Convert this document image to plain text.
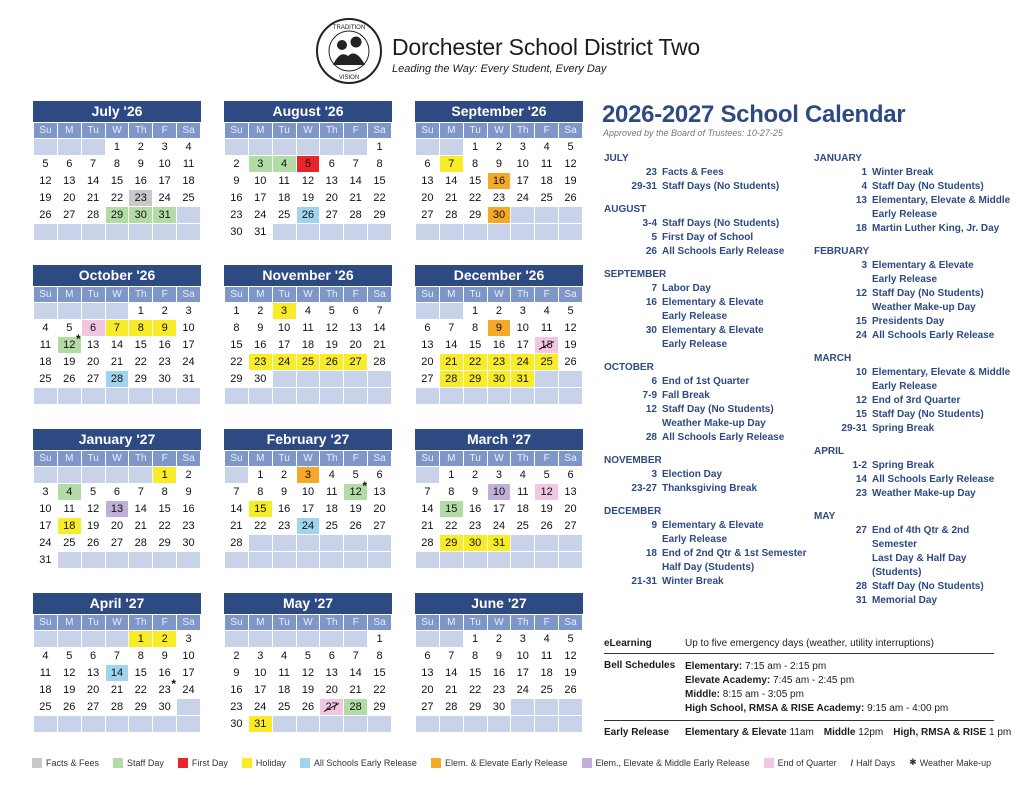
TRADITION
VISION
Dorchester School District Two
Leading the Way: Every Student, Every Day
July '26
Su	M	Tu	W	Th	F	Sa
			1	2	3	4
5	6	7	8	9	10	11
12	13	14	15	16	17	18
19	20	21	22	23	24	25
26	27	28	29	30	31	

August '26
Su	M	Tu	W	Th	F	Sa
						1
2	3	4	5	6	7	8
9	10	11	12	13	14	15
16	17	18	19	20	21	22
23	24	25	26	27	28	29
30	31					
September '26
Su	M	Tu	W	Th	F	Sa
		1	2	3	4	5
6	7	8	9	10	11	12
13	14	15	16	17	18	19
20	21	22	23	24	25	26
27	28	29	30			

October '26
Su	M	Tu	W	Th	F	Sa
				1	2	3
4	5	6	7	8	9	10
11	* 12	13	14	15	16	17
18	19	20	21	22	23	24
25	26	27	28	29	30	31

November '26
Su	M	Tu	W	Th	F	Sa
1	2	3	4	5	6	7
8	9	10	11	12	13	14
15	16	17	18	19	20	21
22	23	24	25	26	27	28
29	30					

December '26
Su	M	Tu	W	Th	F	Sa
		1	2	3	4	5
6	7	8	9	10	11	12
13	14	15	16	17	18	19
20	21	22	23	24	25	26
27	28	29	30	31		

January '27
Su	M	Tu	W	Th	F	Sa
					1	2
3	4	5	6	7	8	9
10	11	12	13	14	15	16
17	18	19	20	21	22	23
24	25	26	27	28	29	30
31						
February '27
Su	M	Tu	W	Th	F	Sa
	1	2	3	4	5	6
7	8	9	10	11	* 12	13
14	15	16	17	18	19	20
21	22	23	24	25	26	27
28						

March '27
Su	M	Tu	W	Th	F	Sa
	1	2	3	4	5	6
7	8	9	10	11	12	13
14	15	16	17	18	19	20
21	22	23	24	25	26	27
28	29	30	31			

April '27
Su	M	Tu	W	Th	F	Sa
				1	2	3
4	5	6	7	8	9	10
11	12	13	14	15	16	17
18	19	20	21	22	* 23	24
25	26	27	28	29	30	

May '27
Su	M	Tu	W	Th	F	Sa
						1
2	3	4	5	6	7	8
9	10	11	12	13	14	15
16	17	18	19	20	21	22
23	24	25	26	27	28	29
30	31					
June '27
Su	M	Tu	W	Th	F	Sa
		1	2	3	4	5
6	7	8	9	10	11	12
13	14	15	16	17	18	19
20	21	22	23	24	25	26
27	28	29	30			

2026-2027 School Calendar
Approved by the Board of Trustees: 10-27-25
JULY
23 Facts & Fees
29-31 Staff Days (No Students)
AUGUST
3-4 Staff Days (No Students)
5 First Day of School
26 All Schools Early Release
SEPTEMBER
7 Labor Day
16 Elementary & Elevate
Early Release
30 Elementary & Elevate
Early Release
OCTOBER
6 End of 1st Quarter
7-9 Fall Break
12 Staff Day (No Students)
Weather Make-up Day
28 All Schools Early Release
NOVEMBER
3 Election Day
23-27 Thanksgiving Break
DECEMBER
9 Elementary & Elevate
Early Release
18 End of 2nd Qtr & 1st Semester
Half Day (Students)
21-31 Winter Break
JANUARY
1 Winter Break
4 Staff Day (No Students)
13 Elementary, Elevate & Middle
Early Release
18 Martin Luther King, Jr. Day
FEBRUARY
3 Elementary & Elevate
Early Release
12 Staff Day (No Students)
Weather Make-up Day
15 Presidents Day
24 All Schools Early Release
MARCH
10 Elementary, Elevate & Middle
Early Release
12 End of 3rd Quarter
15 Staff Day (No Students)
29-31 Spring Break
APRIL
1-2 Spring Break
14 All Schools Early Release
23 Weather Make-up Day
MAY
27 End of 4th Qtr & 2nd Semester
Last Day & Half Day (Students)
28 Staff Day (No Students)
31 Memorial Day
eLearning	Up to five emergency days (weather, utility interruptions)
Bell Schedules Elementary: 7:15 am - 2:15 pm
Elevate Academy: 7:45 am - 2:45 pm
Middle: 8:15 am - 3:05 pm
High School, RMSA & RISE Academy: 9:15 am - 4:00 pm
Early Release	Elementary & Elevate 11am Middle 12pm High, RMSA & RISE 1 pm
Facts & Fees	Staff Day	First Day	Holiday	All Schools Early Release	Elem. & Elevate Early Release	Elem., Elevate & Middle Early Release	End of Quarter / Half Days ✱ Weather Make-up
